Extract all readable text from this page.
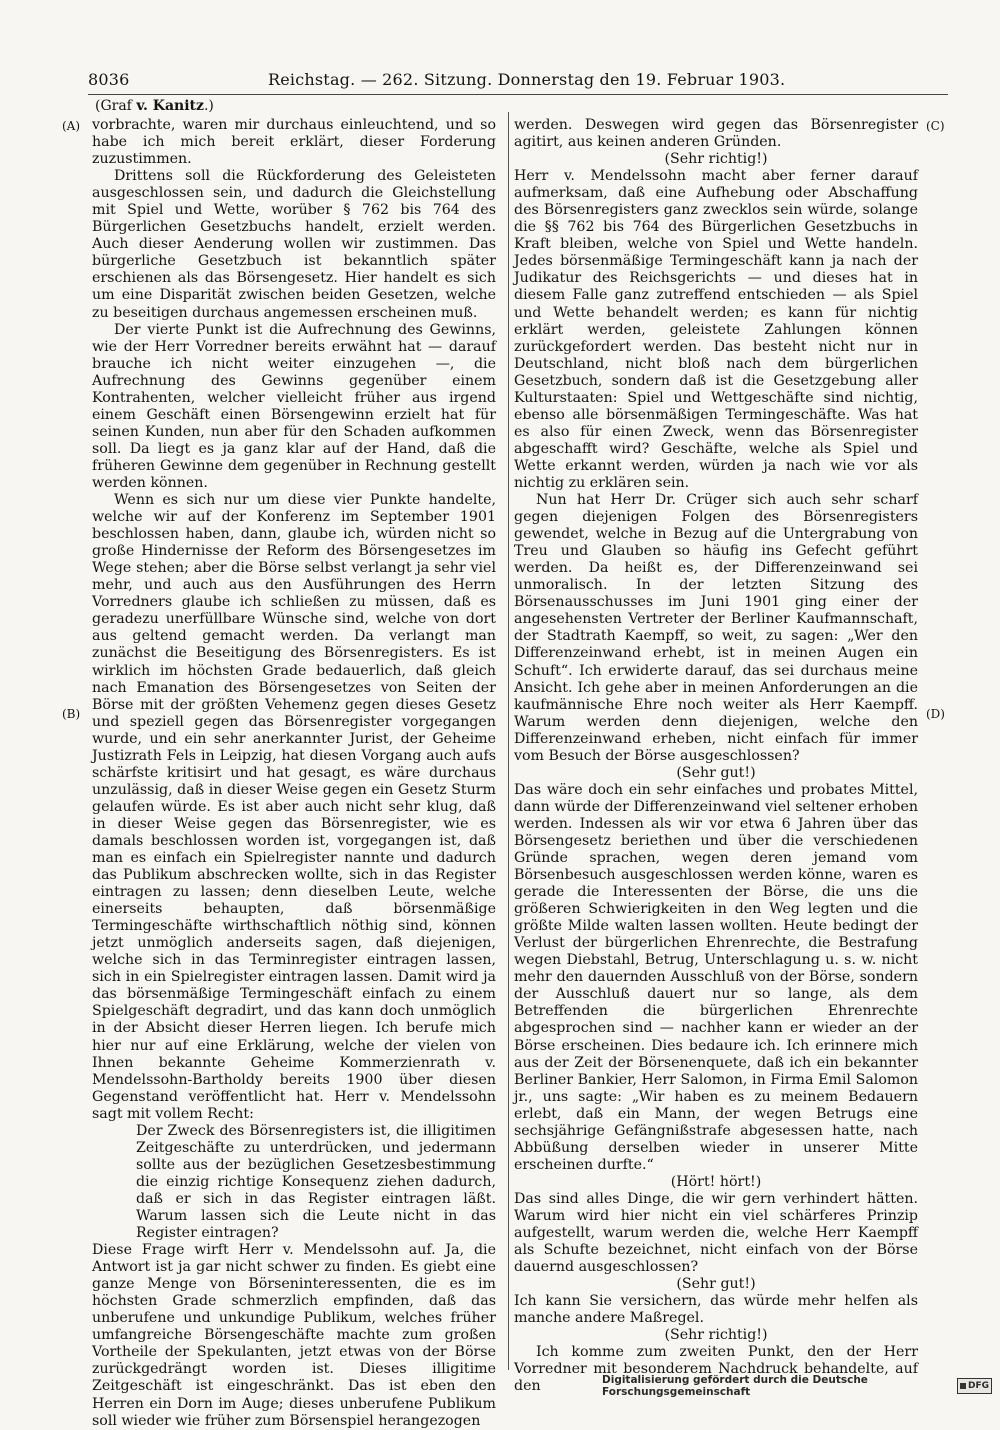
8036	Reichstag. — 262. Sitzung. Donnerstag den 19. Februar 1903.
(Graf v. Kanitz.)
(A)
(B)
(C)
(D)

vorbrachte, waren mir durchaus einleuchtend, und so habe ich mich bereit erklärt, dieser Forderung zuzustimmen.

Drittens soll die Rückforderung des Geleisteten ausgeschlossen sein, und dadurch die Gleichstellung mit Spiel und Wette, worüber § 762 bis 764 des Bürgerlichen Gesetzbuchs handelt, erzielt werden. Auch dieser Aenderung wollen wir zustimmen. Das bürgerliche Gesetzbuch ist bekanntlich später erschienen als das Börsengesetz. Hier handelt es sich um eine Disparität zwischen beiden Gesetzen, welche zu beseitigen durchaus angemessen erscheinen muß.

Der vierte Punkt ist die Aufrechnung des Gewinns, wie der Herr Vorredner bereits erwähnt hat — darauf brauche ich nicht weiter einzugehen —, die Aufrechnung des Gewinns gegenüber einem Kontrahenten, welcher vielleicht früher aus irgend einem Geschäft einen Börsengewinn erzielt hat für seinen Kunden, nun aber für den Schaden aufkommen soll. Da liegt es ja ganz klar auf der Hand, daß die früheren Gewinne dem gegenüber in Rechnung gestellt werden können.

Wenn es sich nur um diese vier Punkte handelte, welche wir auf der Konferenz im September 1901 beschlossen haben, dann, glaube ich, würden nicht so große Hindernisse der Reform des Börsengesetzes im Wege stehen; aber die Börse selbst verlangt ja sehr viel mehr, und auch aus den Ausführungen des Herrn Vorredners glaube ich schließen zu müssen, daß es geradezu unerfüllbare Wünsche sind, welche von dort aus geltend gemacht werden. Da verlangt man zunächst die Beseitigung des Börsenregisters. Es ist wirklich im höchsten Grade bedauerlich, daß gleich nach Emanation des Börsengesetzes von Seiten der Börse mit der größten Vehemenz gegen dieses Gesetz und speziell gegen das Börsenregister vorgegangen wurde, und ein sehr anerkannter Jurist, der Geheime Justizrath Fels in Leipzig, hat diesen Vorgang auch aufs schärfste kritisirt und hat gesagt, es wäre durchaus unzulässig, daß in dieser Weise gegen ein Gesetz Sturm gelaufen würde. Es ist aber auch nicht sehr klug, daß in dieser Weise gegen das Börsenregister, wie es damals beschlossen worden ist, vorgegangen ist, daß man es einfach ein Spielregister nannte und dadurch das Publikum abschrecken wollte, sich in das Register eintragen zu lassen; denn dieselben Leute, welche einerseits behaupten, daß börsenmäßige Termingeschäfte wirthschaftlich nöthig sind, können jetzt unmöglich anderseits sagen, daß diejenigen, welche sich in das Terminregister eintragen lassen, sich in ein Spielregister eintragen lassen. Damit wird ja das börsenmäßige Termingeschäft einfach zu einem Spielgeschäft degradirt, und das kann doch unmöglich in der Absicht dieser Herren liegen. Ich berufe mich hier nur auf eine Erklärung, welche der vielen von Ihnen bekannte Geheime Kommerzienrath v. Mendelssohn-Bartholdy bereits 1900 über diesen Gegenstand veröffentlicht hat. Herr v. Mendelssohn sagt mit vollem Recht:

Der Zweck des Börsenregisters ist, die illigitimen Zeitgeschäfte zu unterdrücken, und jedermann sollte aus der bezüglichen Gesetzesbestimmung die einzig richtige Konsequenz ziehen dadurch, daß er sich in das Register eintragen läßt. Warum lassen sich die Leute nicht in das Register eintragen?

Diese Frage wirft Herr v. Mendelssohn auf. Ja, die Antwort ist ja gar nicht schwer zu finden. Es giebt eine ganze Menge von Börseninteressenten, die es im höchsten Grade schmerzlich empfinden, daß das unberufene und unkundige Publikum, welches früher umfangreiche Börsengeschäfte machte zum großen Vortheile der Spekulanten, jetzt etwas von der Börse zurückgedrängt worden ist. Dieses illigitime Zeitgeschäft ist eingeschränkt. Das ist eben den Herren ein Dorn im Auge; dieses unberufene Publikum soll wieder wie früher zum Börsenspiel herangezogen

werden. Deswegen wird gegen das Börsenregister agitirt, aus keinen anderen Gründen.

(Sehr richtig!)

Herr v. Mendelssohn macht aber ferner darauf aufmerksam, daß eine Aufhebung oder Abschaffung des Börsenregisters ganz zwecklos sein würde, solange die §§ 762 bis 764 des Bürgerlichen Gesetzbuchs in Kraft bleiben, welche von Spiel und Wette handeln. Jedes börsenmäßige Termingeschäft kann ja nach der Judikatur des Reichsgerichts — und dieses hat in diesem Falle ganz zutreffend entschieden — als Spiel und Wette behandelt werden; es kann für nichtig erklärt werden, geleistete Zahlungen können zurückgefordert werden. Das besteht nicht nur in Deutschland, nicht bloß nach dem bürgerlichen Gesetzbuch, sondern daß ist die Gesetzgebung aller Kulturstaaten: Spiel und Wettgeschäfte sind nichtig, ebenso alle börsenmäßigen Termingeschäfte. Was hat es also für einen Zweck, wenn das Börsenregister abgeschafft wird? Geschäfte, welche als Spiel und Wette erkannt werden, würden ja nach wie vor als nichtig zu erklären sein.

Nun hat Herr Dr. Crüger sich auch sehr scharf gegen diejenigen Folgen des Börsenregisters gewendet, welche in Bezug auf die Untergrabung von Treu und Glauben so häufig ins Gefecht geführt werden. Da heißt es, der Differenzeinwand sei unmoralisch. In der letzten Sitzung des Börsenausschusses im Juni 1901 ging einer der angesehensten Vertreter der Berliner Kaufmannschaft, der Stadtrath Kaempff, so weit, zu sagen: „Wer den Differenzeinwand erhebt, ist in meinen Augen ein Schuft“. Ich erwiderte darauf, das sei durchaus meine Ansicht. Ich gehe aber in meinen Anforderungen an die kaufmännische Ehre noch weiter als Herr Kaempff. Warum werden denn diejenigen, welche den Differenzeinwand erheben, nicht einfach für immer vom Besuch der Börse ausgeschlossen?

(Sehr gut!)

Das wäre doch ein sehr einfaches und probates Mittel, dann würde der Differenzeinwand viel seltener erhoben werden. Indessen als wir vor etwa 6 Jahren über das Börsengesetz beriethen und über die verschiedenen Gründe sprachen, wegen deren jemand vom Börsenbesuch ausgeschlossen werden könne, waren es gerade die Interessenten der Börse, die uns die größeren Schwierigkeiten in den Weg legten und die größte Milde walten lassen wollten. Heute bedingt der Verlust der bürgerlichen Ehrenrechte, die Bestrafung wegen Diebstahl, Betrug, Unterschlagung u. s. w. nicht mehr den dauernden Ausschluß von der Börse, sondern der Ausschluß dauert nur so lange, als dem Betreffenden die bürgerlichen Ehrenrechte abgesprochen sind — nachher kann er wieder an der Börse erscheinen. Dies bedaure ich. Ich erinnere mich aus der Zeit der Börsenenquete, daß ich ein bekannter Berliner Bankier, Herr Salomon, in Firma Emil Salomon jr., uns sagte: „Wir haben es zu meinem Bedauern erlebt, daß ein Mann, der wegen Betrugs eine sechsjährige Gefängnißstrafe abgesessen hatte, nach Abbüßung derselben wieder in unserer Mitte erscheinen durfte.“

(Hört! hört!)

Das sind alles Dinge, die wir gern verhindert hätten. Warum wird hier nicht ein viel schärferes Prinzip aufgestellt, warum werden die, welche Herr Kaempff als Schufte bezeichnet, nicht einfach von der Börse dauernd ausgeschlossen?

(Sehr gut!)

Ich kann Sie versichern, das würde mehr helfen als manche andere Maßregel.

(Sehr richtig!)

Ich komme zum zweiten Punkt, den der Herr Vorredner mit besonderem Nachdruck behandelte, auf den	Digitalisierung gefördert durch die Deutsche Forschungsgemeinschaft	DFG
